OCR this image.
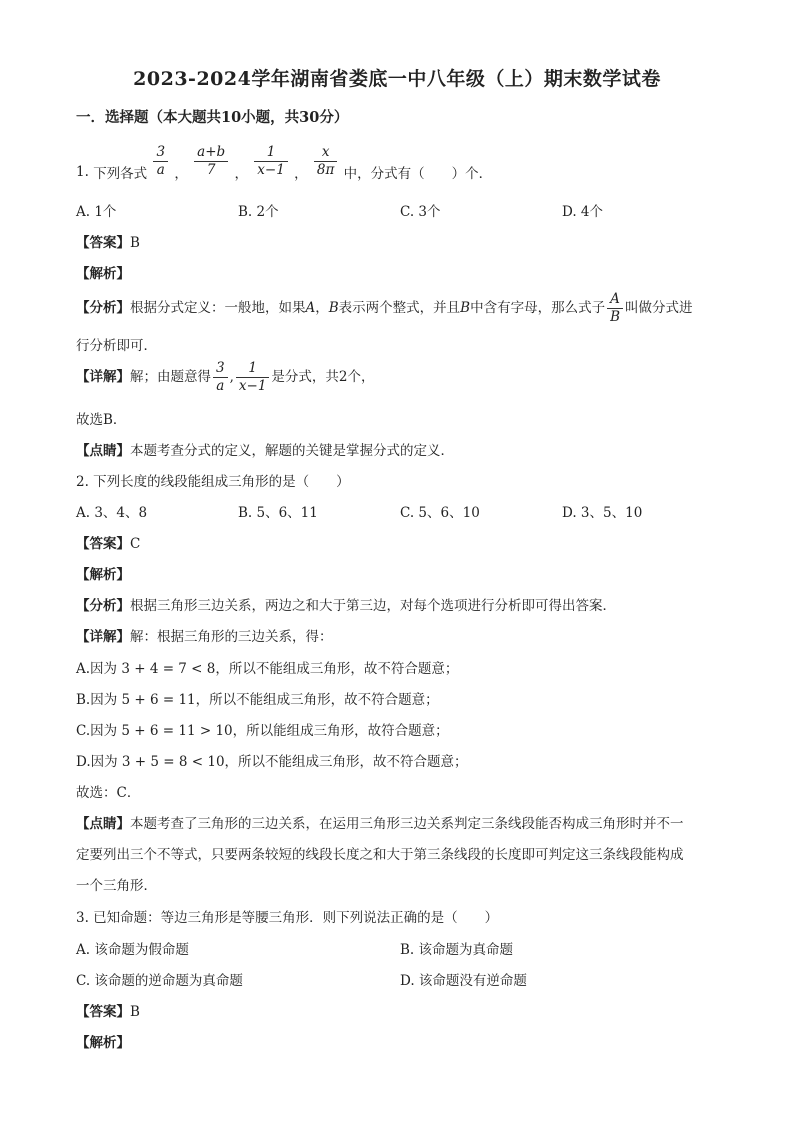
2023-2024学年湖南省娄底一中八年级（上）期末数学试卷
一．选择题（本大题共10小题，共30分）
1. 下列各式 $\frac{3}{a}$ ， $\frac{a+b}{7}$ ， $\frac{1}{x-1}$ ， $\frac{x}{8\pi}$ 中，分式有（　　）个．
A. 1个	B. 2个	C. 3个	D. 4个
【答案】B
【解析】
【分析】根据分式定义：一般地，如果A，B表示两个整式，并且B中含有字母，那么式子 $\frac{A}{B}$ 叫做分式进
行分析即可．
【详解】解；由题意得 $\frac{3}{a}$ , $\frac{1}{x-1}$ 是分式，共2个，
故选B．
【点睛】本题考查分式的定义，解题的关键是掌握分式的定义．
2. 下列长度的线段能组成三角形的是（　　）
A. 3、4、8	B. 5、6、11	C. 5、6、10	D. 3、5、10
【答案】C
【解析】
【分析】根据三角形三边关系，两边之和大于第三边，对每个选项进行分析即可得出答案．
【详解】解：根据三角形的三边关系，得：
A.因为 3 + 4 = 7 < 8，所以不能组成三角形，故不符合题意；
B.因为 5 + 6 = 11，所以不能组成三角形，故不符合题意；
C.因为 5 + 6 = 11 > 10，所以能组成三角形，故符合题意；
D.因为 3 + 5 = 8 < 10，所以不能组成三角形，故不符合题意；
故选：C．
【点睛】本题考查了三角形的三边关系，在运用三角形三边关系判定三条线段能否构成三角形时并不一
定要列出三个不等式，只要两条较短的线段长度之和大于第三条线段的长度即可判定这三条线段能构成
一个三角形．
3. 已知命题：等边三角形是等腰三角形．则下列说法正确的是（　　）
A. 该命题为假命题	B. 该命题为真命题
C. 该命题的逆命题为真命题	D. 该命题没有逆命题
【答案】B
【解析】
